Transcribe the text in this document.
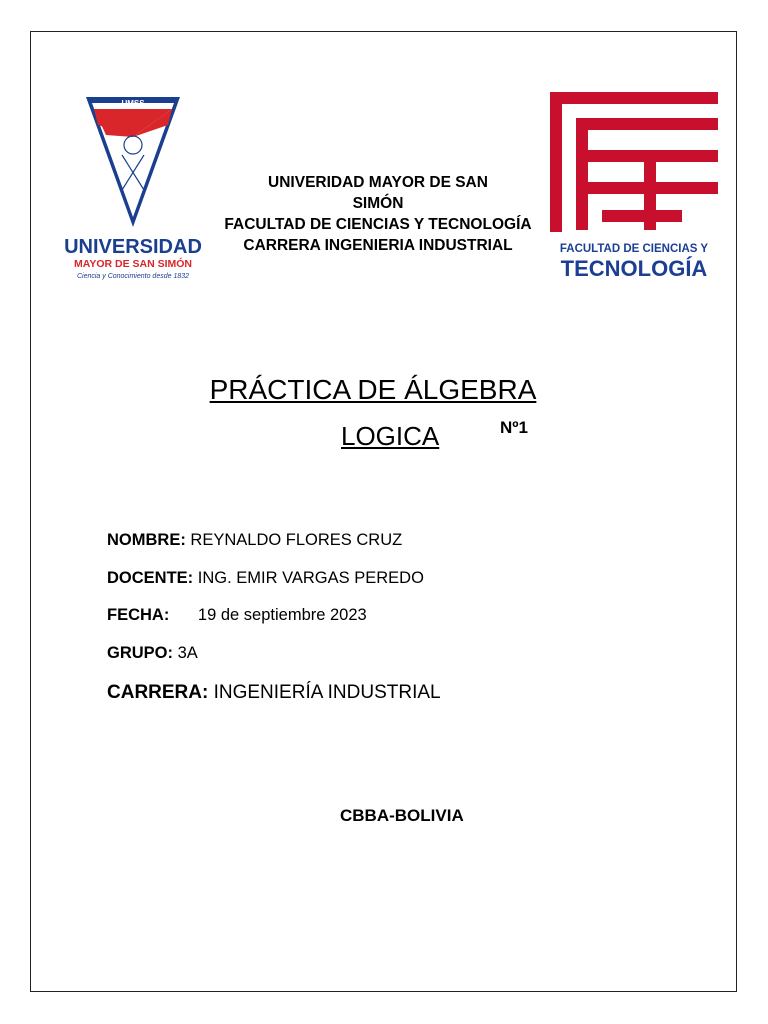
UMSS
UNIVERSIDAD
MAYOR DE SAN SIMÓN
Ciencia y Conocimiento desde 1832
FACULTAD DE CIENCIAS Y
TECNOLOGÍA
UNIVERIDAD MAYOR DE SAN
SIMÓN
FACULTAD DE CIENCIAS Y TECNOLOGÍA
CARRERA INGENIERIA INDUSTRIAL
PRÁCTICA DE ÁLGEBRA
LOGICA	Nº1
NOMBRE: REYNALDO FLORES CRUZ
DOCENTE: ING. EMIR VARGAS PEREDO
FECHA: 19 de septiembre 2023
GRUPO: 3A
CARRERA: INGENIERÍA INDUSTRIAL
CBBA-BOLIVIA
